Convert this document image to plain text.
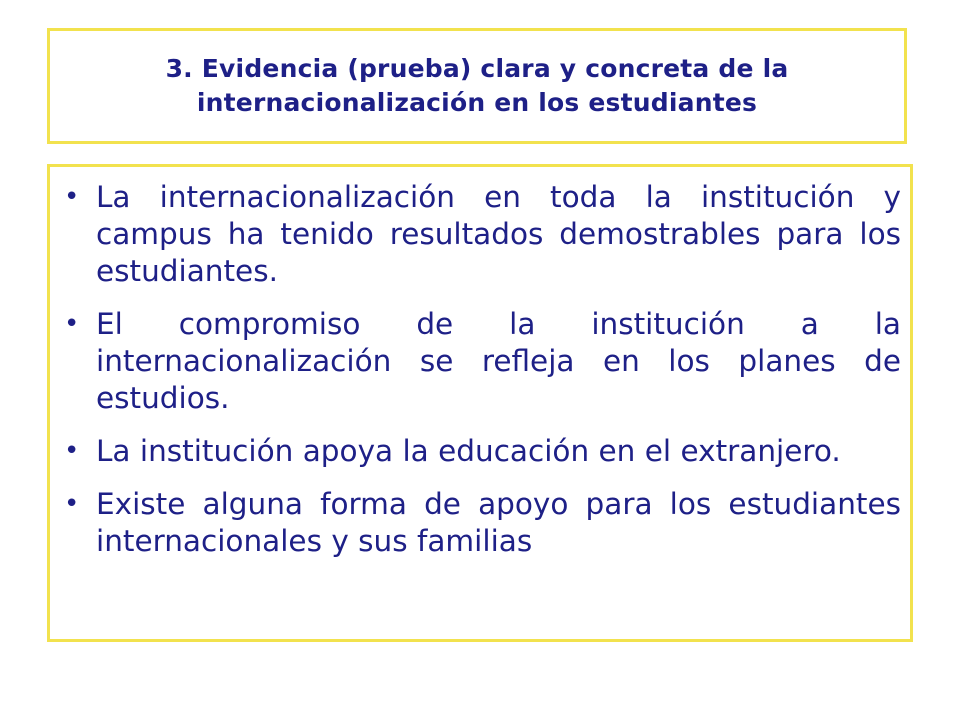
3. Evidencia (prueba) clara y concreta de la internacionalización en los estudiantes
• La internacionalización en toda la institución y campus ha tenido resultados demostrables para los estudiantes.
• El compromiso de la institución a la internacionalización se refleja en los planes de estudios.
• La institución apoya la educación en el extranjero.
• Existe alguna forma de apoyo para los estudiantes internacionales y sus familias
